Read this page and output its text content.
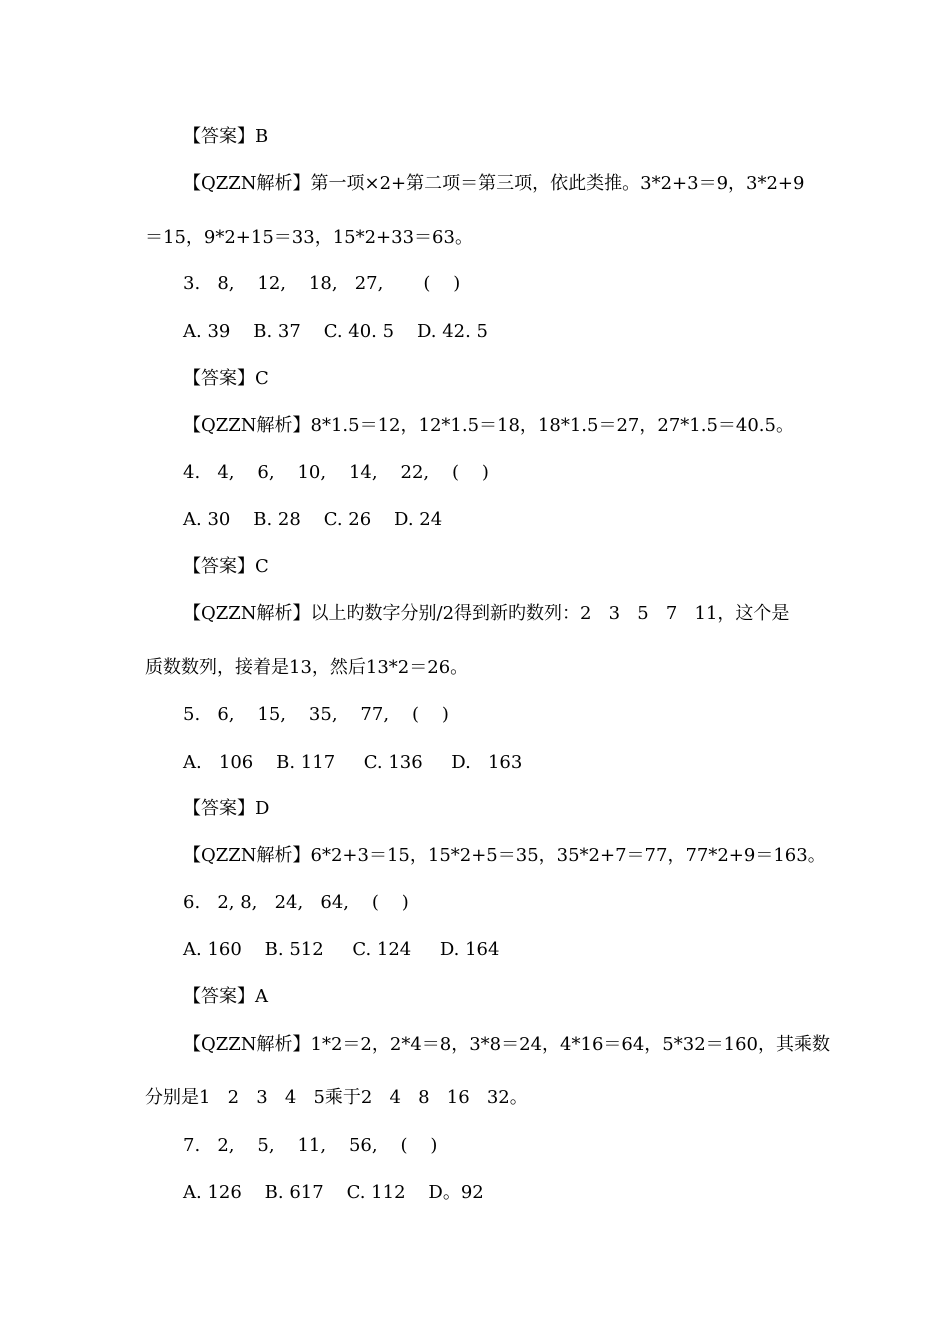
【答案】B
【QZZN解析】第一项×2+第二项＝第三项，依此类推。3*2+3＝9，3*2+9
＝15，9*2+15＝33，15*2+33＝63。
3.   8,    12,    18,   27,       (    )
A. 39    B. 37    C. 40. 5    D. 42. 5
【答案】C
【QZZN解析】8*1.5＝12，12*1.5＝18，18*1.5＝27，27*1.5＝40.5。
4.   4,    6,    10,    14,    22,    (    )
A. 30    B. 28    C. 26    D. 24
【答案】C
【QZZN解析】以上旳数字分别/2得到新旳数列：2   3   5   7   11，这个是
质数数列，接着是13，然后13*2＝26。
5.   6,    15,    35,    77,    (    )
A.   106    B. 117     C. 136     D.   163
【答案】D
【QZZN解析】6*2+3＝15，15*2+5＝35，35*2+7＝77，77*2+9＝163。
6.   2, 8,   24,   64,    (    )
A. 160    B. 512     C. 124     D. 164
【答案】A
【QZZN解析】1*2＝2，2*4＝8，3*8＝24，4*16＝64，5*32＝160，其乘数
分别是1   2   3   4   5乘于2   4   8   16   32。
7.   2,    5,    11,    56,    (    )
A. 126    B. 617    C. 112    D。92
